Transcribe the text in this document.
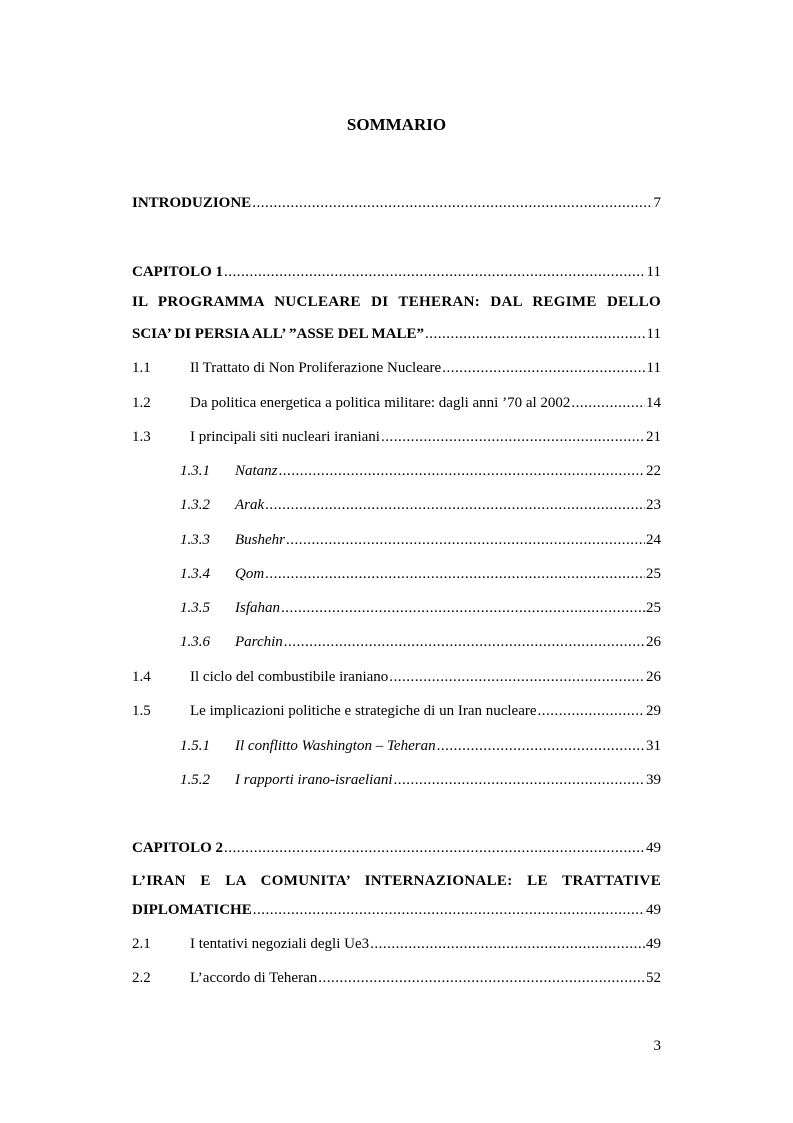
SOMMARIO
INTRODUZIONE .....	7
CAPITOLO 1 .....	11
IL PROGRAMMA NUCLEARE DI TEHERAN: DAL REGIME DELLO
SCIA’ DI PERSIA ALL’ ”ASSE DEL MALE” .....	11
1.1	Il Trattato di Non Proliferazione Nucleare .....	11
1.2	Da politica energetica a politica militare: dagli anni ’70 al 2002 .....	14
1.3	I principali siti nucleari iraniani .....	21
1.3.1	Natanz .....	22
1.3.2	Arak .....	23
1.3.3	Bushehr .....	24
1.3.4	Qom .....	25
1.3.5	Isfahan .....	25
1.3.6	Parchin .....	26
1.4	Il ciclo del combustibile iraniano .....	26
1.5	Le implicazioni politiche e strategiche di un Iran nucleare .....	29
1.5.1	Il conflitto Washington – Teheran .....	31
1.5.2	I rapporti irano-israeliani .....	39
CAPITOLO 2 .....	49
L’IRAN E LA COMUNITA’ INTERNAZIONALE: LE TRATTATIVE
DIPLOMATICHE .....	49
2.1	I tentativi negoziali degli Ue3 .....	49
2.2	L’accordo di Teheran .....	52
3
